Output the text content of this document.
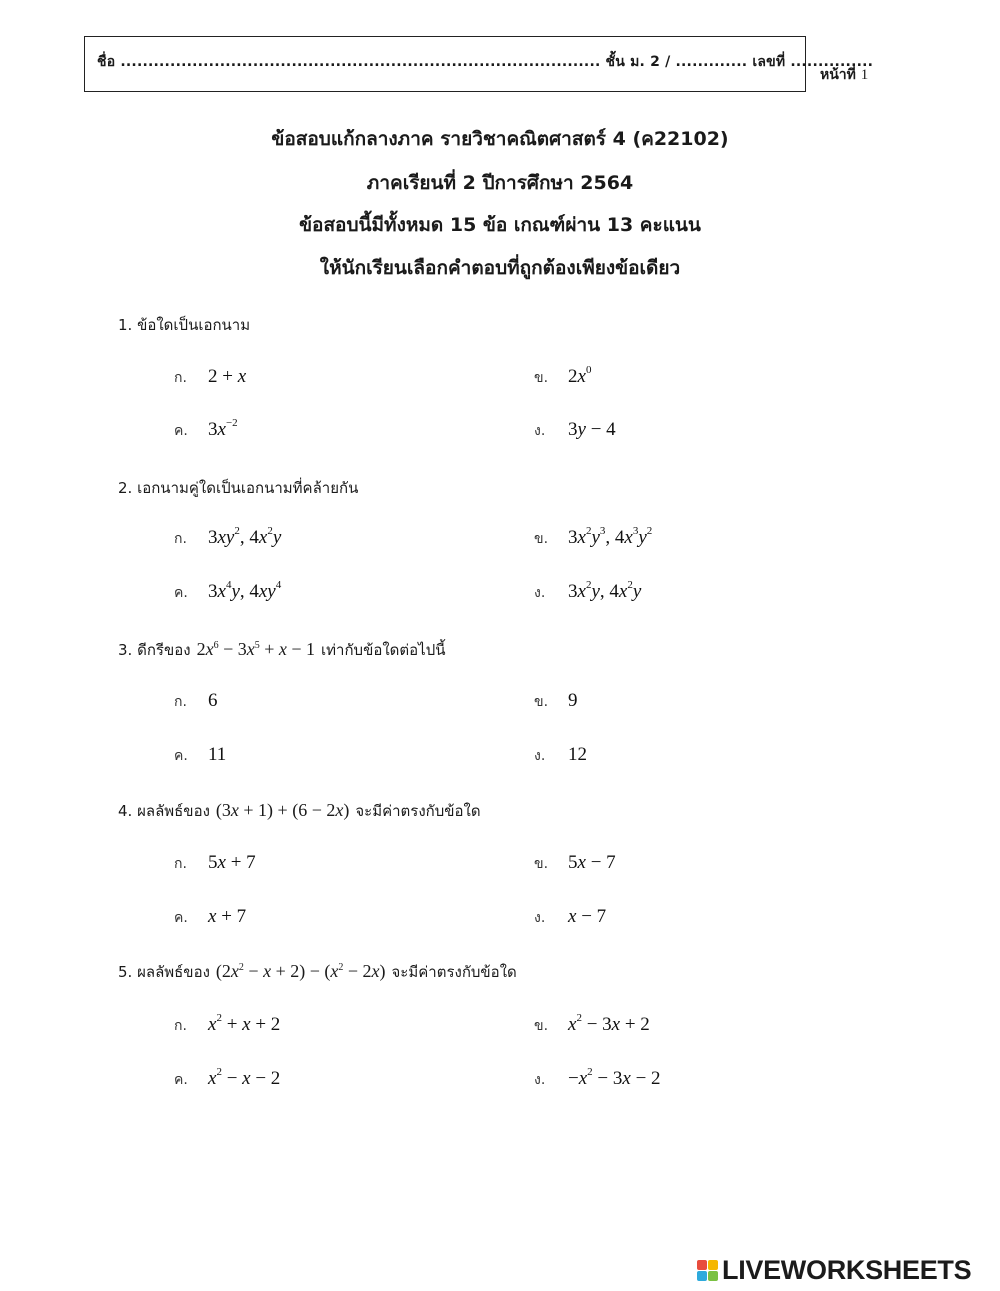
ชื่อ ....................................................................................... ชั้น ม. 2 / ............. เลขที่ ...............
หน้าที่ 1
ข้อสอบแก้กลางภาค รายวิชาคณิตศาสตร์ 4 (ค22102)
ภาคเรียนที่ 2 ปีการศึกษา 2564
ข้อสอบนี้มีทั้งหมด 15 ข้อ เกณฑ์ผ่าน 13 คะแนน
ให้นักเรียนเลือกคำตอบที่ถูกต้องเพียงข้อเดียว
1. ข้อใดเป็นเอกนาม
ก. 2 + x	ข. $2x^0$
ค. $3x^{-2}$	ง. 3y − 4
2. เอกนามคู่ใดเป็นเอกนามที่คล้ายกัน
ก. $3xy^2$, $4x^2y$	ข. $3x^2y^3$, $4x^3y^2$
ค. $3x^4y$, $4xy^4$
ง. $3x^2y$, $4x^2y$
3. ดีกรีของ $2x^6 - 3x^5 + x - 1$ เท่ากับข้อใดต่อไปนี้
ก. 6	ข. 9
ค. 11	ง. 12
4. ผลลัพธ์ของ (3x + 1) + (6 − 2x) จะมีค่าตรงกับข้อใด
ก. 5x + 7	ข. 5x − 7
ค. x + 7	ง. x − 7
5. ผลลัพธ์ของ $(2x^2 - x + 2) - (x^2 - 2x)$ จะมีค่าตรงกับข้อใด
ก. $x^2 + x + 2$	ข. $x^2 - 3x + 2$
ค. $x^2 - x - 2$	ง. $-x^2 - 3x - 2$
LIVEWORKSHEETS
